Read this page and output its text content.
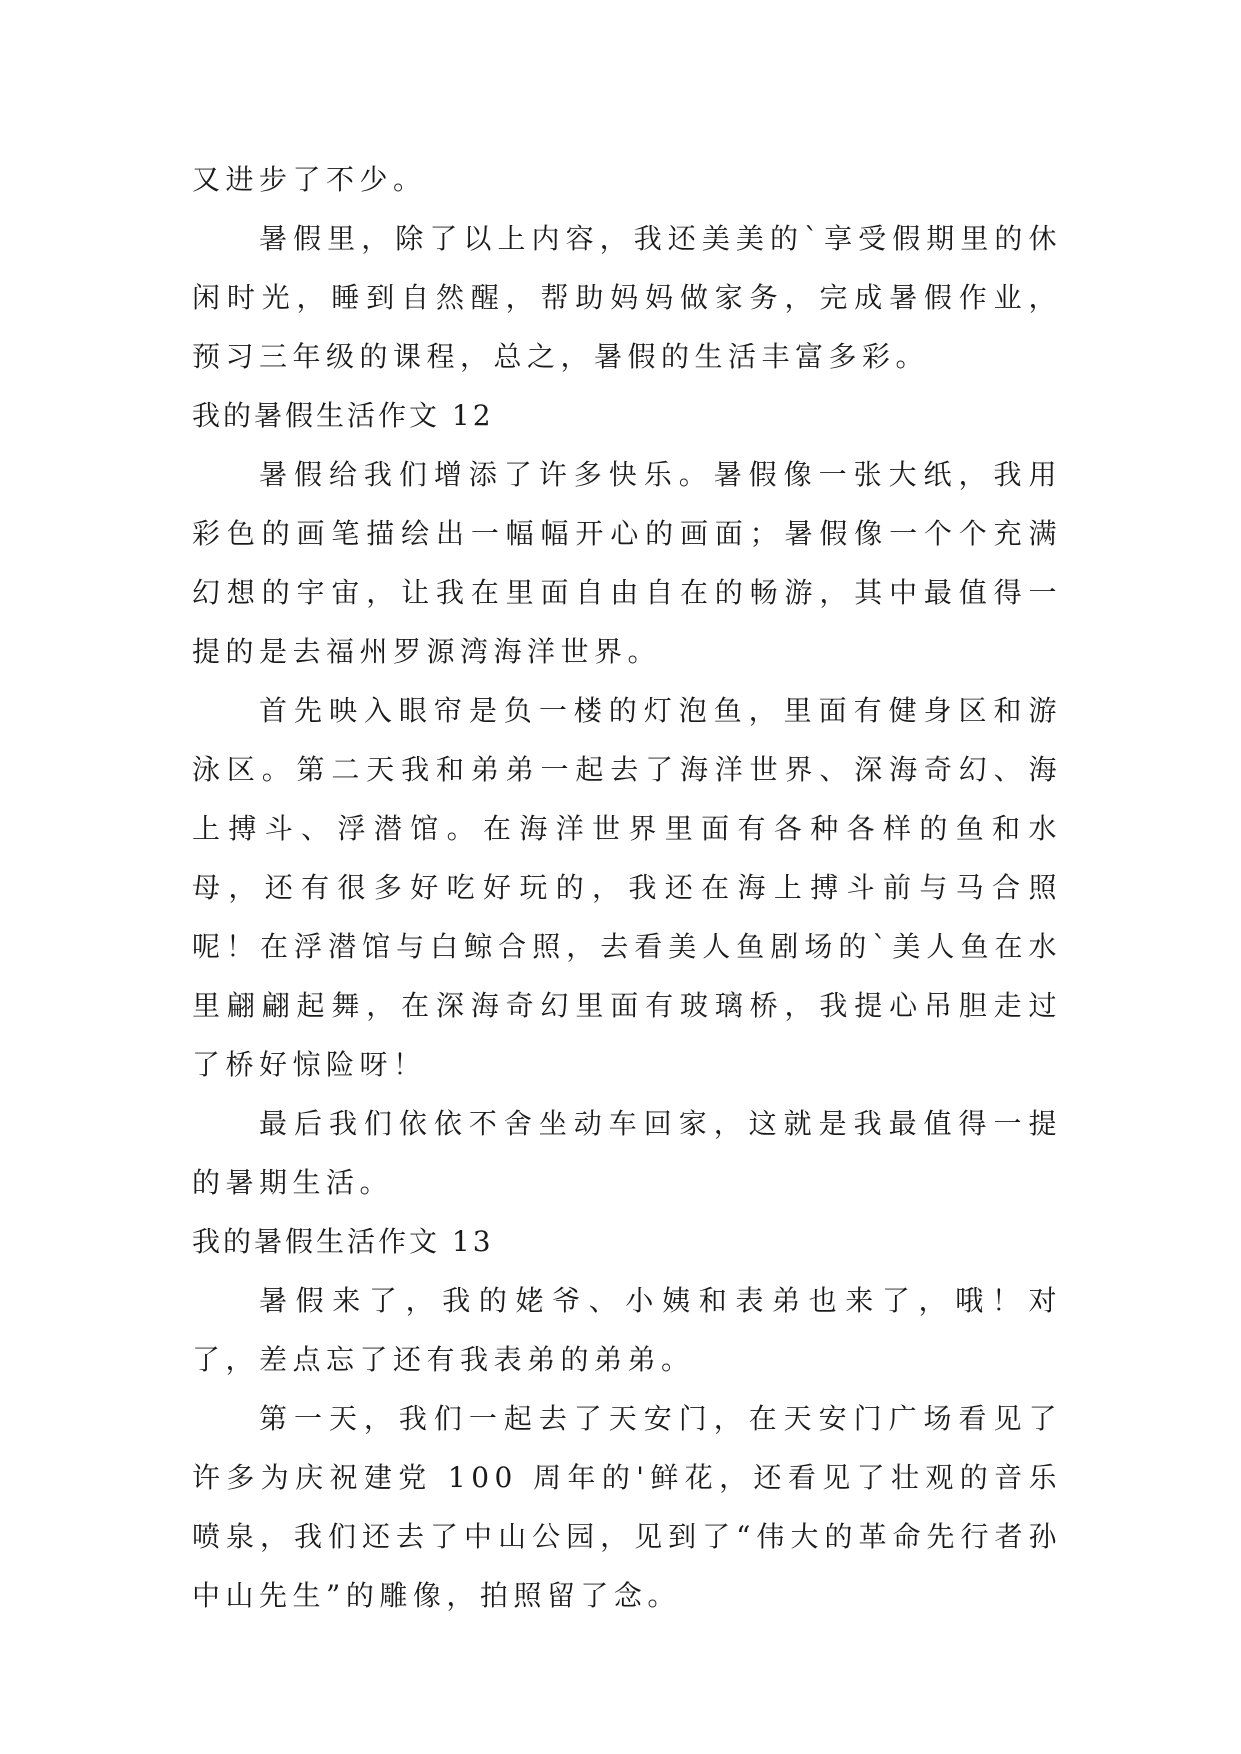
又进步了不少。

暑假里，除了以上内容，我还美美的`享受假期里的休闲时光，睡到自然醒，帮助妈妈做家务，完成暑假作业，预习三年级的课程，总之，暑假的生活丰富多彩。

我的暑假生活作文 12

暑假给我们增添了许多快乐。暑假像一张大纸，我用彩色的画笔描绘出一幅幅开心的画面；暑假像一个个充满幻想的宇宙，让我在里面自由自在的畅游，其中最值得一提的是去福州罗源湾海洋世界。

首先映入眼帘是负一楼的灯泡鱼，里面有健身区和游泳区。第二天我和弟弟一起去了海洋世界、深海奇幻、海上搏斗、浮潜馆。在海洋世界里面有各种各样的鱼和水母，还有很多好吃好玩的，我还在海上搏斗前与马合照呢！在浮潜馆与白鲸合照，去看美人鱼剧场的`美人鱼在水里翩翩起舞，在深海奇幻里面有玻璃桥，我提心吊胆走过了桥好惊险呀！

最后我们依依不舍坐动车回家，这就是我最值得一提的暑期生活。

我的暑假生活作文 13

暑假来了，我的姥爷、小姨和表弟也来了，哦！对了，差点忘了还有我表弟的弟弟。

第一天，我们一起去了天安门，在天安门广场看见了许多为庆祝建党 100 周年的'鲜花，还看见了壮观的音乐喷泉，我们还去了中山公园，见到了“伟大的革命先行者孙中山先生”的雕像，拍照留了念。
